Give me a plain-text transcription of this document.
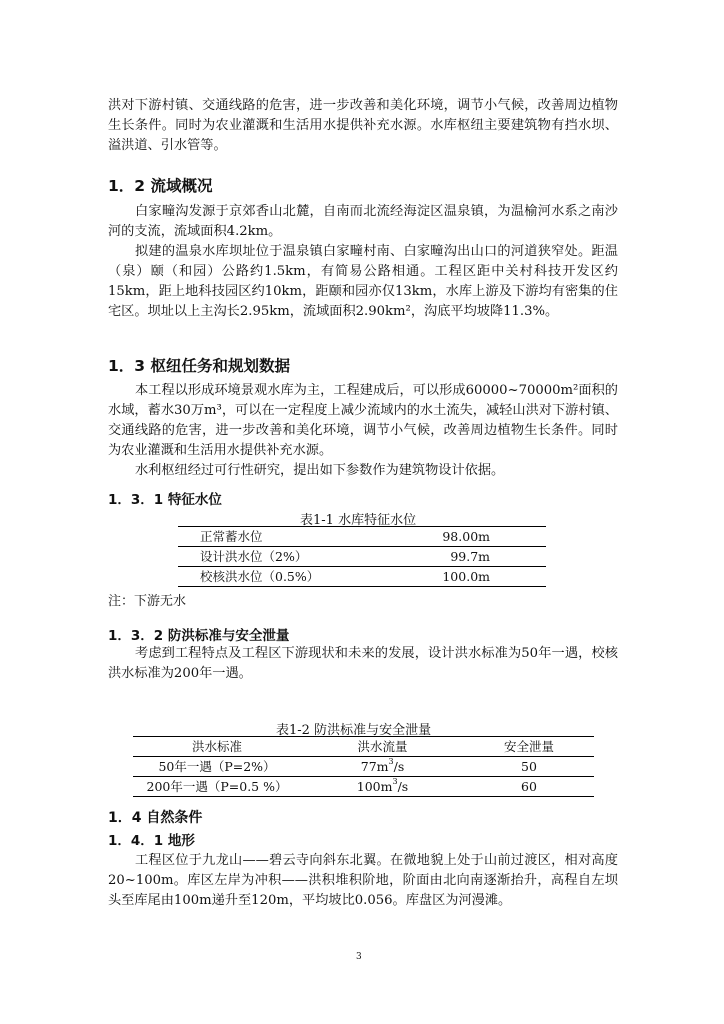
洪对下游村镇、交通线路的危害，进一步改善和美化环境，调节小气候，改善周边植物生长条件。同时为农业灌溉和生活用水提供补充水源。水库枢纽主要建筑物有挡水坝、溢洪道、引水管等。

1．2 流域概况

白家疃沟发源于京郊香山北麓，自南而北流经海淀区温泉镇，为温榆河水系之南沙河的支流，流域面积4.2km。

拟建的温泉水库坝址位于温泉镇白家疃村南、白家疃沟出山口的河道狭窄处。距温（泉）颐（和园）公路约1.5km，有简易公路相通。工程区距中关村科技开发区约15km，距上地科技园区约10km，距颐和园亦仅13km，水库上游及下游均有密集的住宅区。坝址以上主沟长2.95km，流域面积2.90km²，沟底平均坡降11.3%。

1．3 枢纽任务和规划数据

本工程以形成环境景观水库为主，工程建成后，可以形成60000~70000m²面积的水域，蓄水30万m³，可以在一定程度上减少流域内的水土流失，减轻山洪对下游村镇、交通线路的危害，进一步改善和美化环境，调节小气候，改善周边植物生长条件。同时为农业灌溉和生活用水提供补充水源。

水利枢纽经过可行性研究，提出如下参数作为建筑物设计依据。

1．3．1 特征水位
表1-1 水库特征水位
正常蓄水位	98.00m
设计洪水位（2%）	99.7m
校核洪水位（0.5%）	100.0m
注：下游无水
1．3．2 防洪标准与安全泄量

考虑到工程特点及工程区下游现状和未来的发展，设计洪水标准为50年一遇，校核洪水标准为200年一遇。

表1-2 防洪标准与安全泄量
洪水标准	洪水流量	安全泄量
50年一遇（P=2%）	$77m^3/s$	50
200年一遇（P=0.5 %）	$100m^3/s$	60
1．4 自然条件
1．4．1 地形

工程区位于九龙山——碧云寺向斜东北翼。在微地貌上处于山前过渡区，相对高度20~100m。库区左岸为冲积——洪积堆积阶地，阶面由北向南逐渐抬升，高程自左坝头至库尾由100m递升至120m，平均坡比0.056。库盘区为河漫滩。

3
